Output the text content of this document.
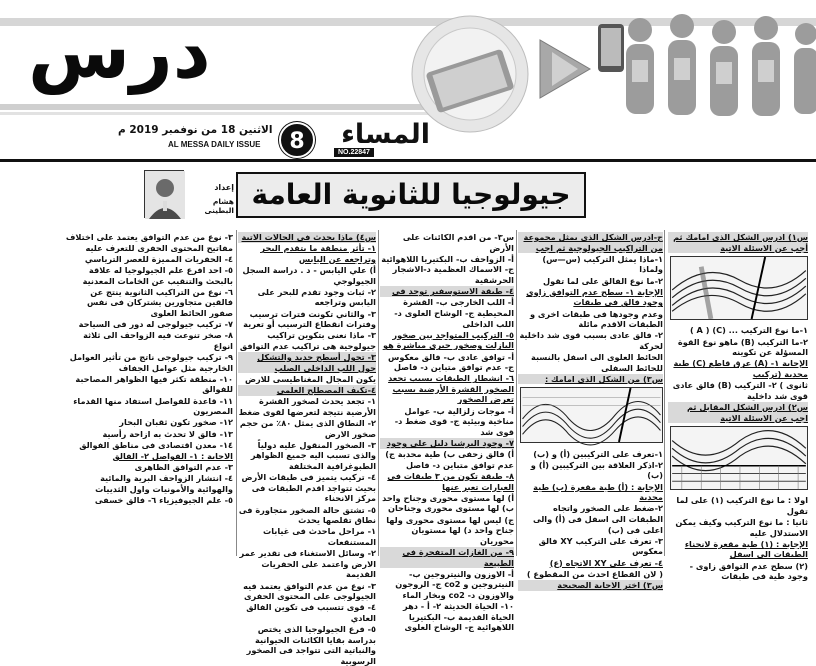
درس
الاثنين 18 من نوفمبر 2019 م
AL MESSA DAILY ISSUE	8	NO.22847
المساء
جيولوجيا للثانوية العامة
إعداد
هشام البطينى

س١) ادرس الشكل الذى امامك ثم أجب عن الاسئلة الاتية

١-ما نوع التركيب ... (C) ( A )

٢-ما التركيب (B) ماهو نوع القوة المسؤلة عن تكوينه

الإجابة ١- (A) عرق قاطع (C) طية محدبة (تركيب

ثانوى ) ٢- التركيب (B) فالق عادى قوى شد داخلية

س٢) ادرس الشكل المقابل ثم اجب عن الاسئلة الاتية

اولا : ما نوع التركيب (١) على لما تقول

ثانيا : ما نوع التركيب وكيف يمكن الاستدلال عليه

الإجابة : (١) طية مقعرة لانحناء الطبقات الى اسفل

(٢) سطح عدم التوافق زاوى - وجود طية فى طبقات

ج-ادرس الشكل الذى يمثل مجموعة من التراكيب الجيولوجية ثم اجب

١-ماذا يمثل التركيب (س—س) ولماذا

٢-ما نوع الفالق على لما تقول

الإجابة ١- سطح عدم التوافق زاوى وجود فالق فى طبقات

وعدم وجودها فى طبقات اخرى و الطبقات الاقدم مائلة

٢- فالق عادى بسبب قوى شد داخلية لحركة

الحائط العلوى الى اسفل بالنسبة للحائط السفلى

س٣) من الشكل الذى امامك :

١-تعرف على التركيبين (أ) و (ب)

٢-اذكر العلاقة بين التركيبين (أ) و (ب)

الإجابة : (أ) طية مقعرة (ب) طية محدبة

٢-ضغط على الصخور واتجاه الطبقات الى اسفل فى (أ) والى اعلى فى (ب)

٣- تعرف على التركيب XY فالق معكوس

٤- تعرف على XY الاتجاه (ع)

( لان القطاع احدث من المقطوع )

س٣) اختر الاجابة الصحيحة

س٣- من اقدم الكائنات على الأرض

أ- الزواحف ب- البكتيريا اللاهوائية ج- الاسماك العظمية د-الاشجار الحرشفية

٤- طبقة الاستوسفير توجد فى

أ- اللب الخارجى ب- القشرة المحيطية ج- الوشاح العلوى د- اللب الداخلى

٥- التركيب المتواجد بين صخور البازلت وصخور جيرى مباشرة هو

أ- توافق عادى ب- فالق معكوس ج- عدم توافق متباين د- فاصل

٦- انشطار الطبقات بسبب تجعد الصخور القشرة الأرضية يسبب تعرض الصخور

أ- موجات زلزالية ب- عوامل مناخية وبيئية ج- قوى ضغط د- قوى شد

٧- وجود البرشيا دليل على وجود

أ) فالق زحفى ب) طية محدبة ج) عدم توافق متباين د- فاصل

٨- طبقة تكون من ٣ طبقات فى العبارات تعبر عنها

أ) لها مستوى محورى وجناح واحد ب) لها مستوى محورى وجناحان

ج) ليس لها مستوى محورى ولها جناح واحد د) لها مستويان محوريان

٩- من الغازات المتفجرة فى الطبيعة

أ- الاوزون والنيتروجين ب- النيتروجين و co2 ج- الروجون والاوزون د- co2 وبخار الماء

١٠- الحياة الحديثة ٢- أ - دهر الحياة القديمة ب- البكتيريا اللاهوائية ج- الوشاح العلوى

س٤) ماذا يحدث فى الحالات الاتية

١- تأثر منطقة ما بتقدم البحر وتراجعه عن اليابس

أ) علي اليابس - د . دراسة السجل الجيولوجي

٢- ثبات وجود تقدم للبحر على اليابس وتراجعه

٣- والثاني تكونت فترات ترسيب وفترات انقطاع الترسيب أو تعرية

٣- ماذا نعنى بتكوين تراكيب جيولوجية هى تراكيب عدم التوافق

٣- تحول أسطح جديد والتشكل حول اللب الداخلى الصلب

يكون المجال المغناطيسى للارض

٤-تكيف المصطلح العلمى

١- تجعد يحدث لصخور القشرة الأرضية نتيجة لتعرضها لقوى ضغط

٢- النطاق الذى يمثل ٨٠٪ من حجم صخور الارض

٣- الصخور المنقول عليه دولياً والذى تسبب اليه جميع الظواهر الطبوغرافية المختلفة

٤- تركيب يتميز فى طبقات الأرض بحيث تتواجد اقدم الطبقات فى مركز الانحناء

٥- تشتق حالة الصخور متجاورة فى نطاق تقلصها يحدث

١- مراحل ماحدث فى غيابات المستنقعات

٢- وسائل الاستغناء فى تقدير عمر الارض واعتمد على الحفريات القديمة

٣- نوع من عدم التوافق يعتمد فيه الجيولوجى على المحتوى الحفرى

٤- قوى تتسبب فى تكوين الفالق العادي

٥- فرع الجيولوجيا الذى يختص بدراسة بقايا الكائنات الحيوانية والنباتية التى تتواجد فى الصخور الرسوبية

٣- نوع من عدم التوافق يعتمد على اختلاف مفاتيح المحتوى الحفرى للتعرف عليه

٤- الحفريات المميزة للعصر الترياسي

٥- احد افرع علم الجيولوجيا له علاقة بالبحث والتنقيب عن الخامات المعدنية

٦- نوع من التراكيب الثانوية ينتج عن فالقين متجاورين يشتركان فى نفس صفور الحائط العلوى

٧- تركيب جيولوجى له دور فى السياحة

٨- صخر تنوعت فيه الزواحف الى ثلاثة انواع

٩- تركيب جيولوجى ناتج من تأثير العوامل الخارجية مثل عوامل الجفاف

١٠- منطقة تكثر فيها الظواهر المصاحبة للفوالق

١١- قاعدة للفواصل استفاد منها القدماء المصريون

١٢- صخور تكون ثقبان البحار

١٣- فالق لا تحدث به ازاحة رأسية

١٤- معدن اقتصادى فى مناطق الفوالق

الاجابة : ١- الفواصل ٢- الفالق

٣- عدم التوافق الظاهرى

٤- انتشار الزواحف البرية والمائية والهوائية والأمونيات واول الثدييات

٥- علم الجيوفيزياء ٦- فالق خسفى
